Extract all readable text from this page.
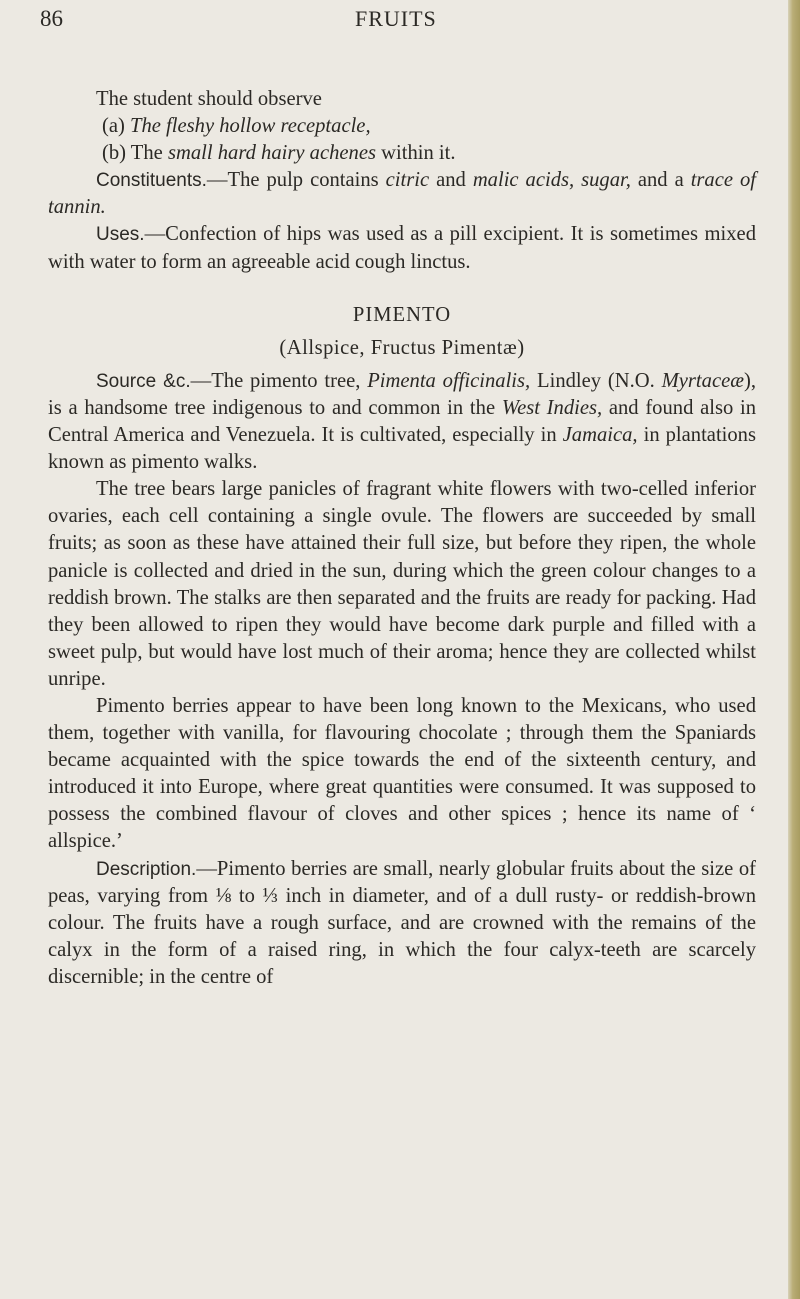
86	FRUITS

The student should observe

(a) The fleshy hollow receptacle,

(b) The small hard hairy achenes within it.

Constituents.—The pulp contains citric and malic acids, sugar, and a trace of tannin.

Uses.—Confection of hips was used as a pill excipient. It is sometimes mixed with water to form an agreeable acid cough linctus.

PIMENTO

(Allspice, Fructus Pimentæ)

Source &c.—The pimento tree, Pimenta officinalis, Lindley (N.O. Myrtaceæ), is a handsome tree indigenous to and common in the West Indies, and found also in Central America and Venezuela. It is cultivated, especially in Jamaica, in plantations known as pimento walks.

The tree bears large panicles of fragrant white flowers with two-celled inferior ovaries, each cell containing a single ovule. The flowers are succeeded by small fruits; as soon as these have attained their full size, but before they ripen, the whole panicle is collected and dried in the sun, during which the green colour changes to a reddish brown. The stalks are then separated and the fruits are ready for packing. Had they been allowed to ripen they would have become dark purple and filled with a sweet pulp, but would have lost much of their aroma; hence they are collected whilst unripe.

Pimento berries appear to have been long known to the Mexicans, who used them, together with vanilla, for flavouring chocolate ; through them the Spaniards became acquainted with the spice towards the end of the sixteenth century, and introduced it into Europe, where great quantities were consumed. It was supposed to possess the combined flavour of cloves and other spices ; hence its name of ‘ allspice.’

Description.—Pimento berries are small, nearly globular fruits about the size of peas, varying from ⅛ to ⅓ inch in diameter, and of a dull rusty- or reddish-brown colour. The fruits have a rough surface, and are crowned with the remains of the calyx in the form of a raised ring, in which the four calyx-teeth are scarcely discernible; in the centre of
